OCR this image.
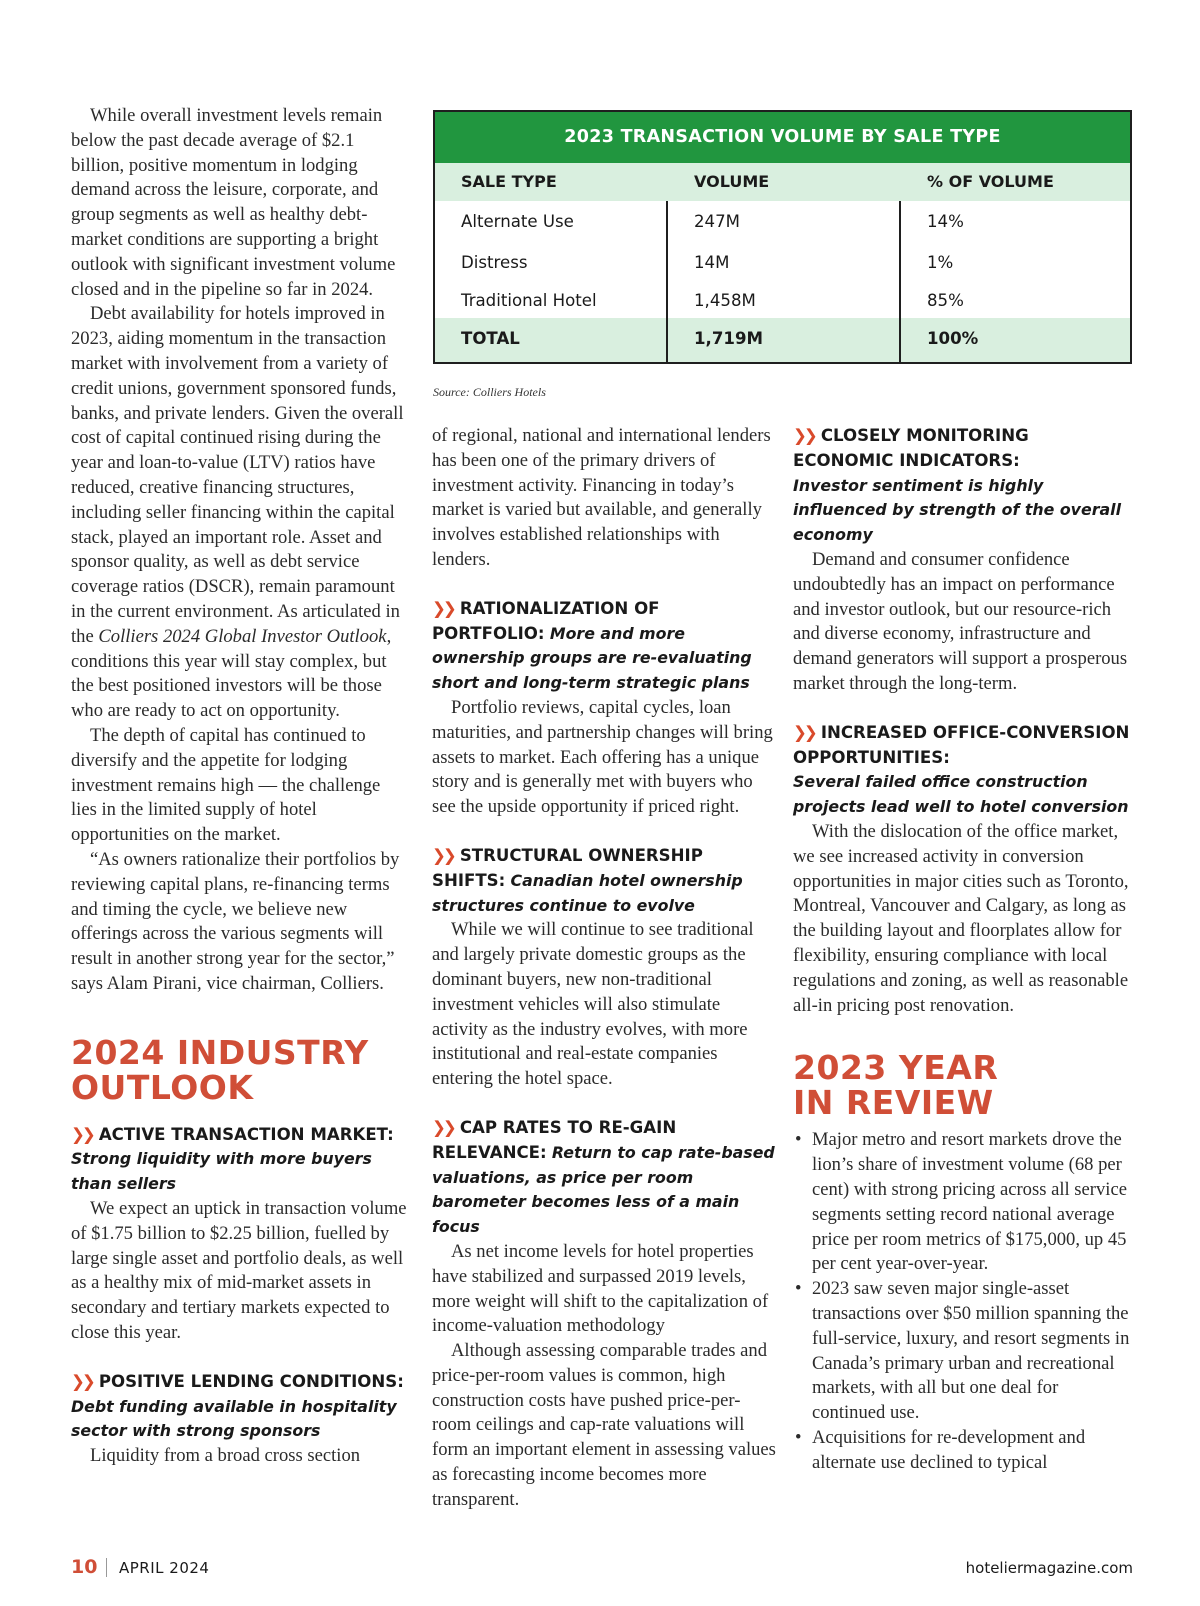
2023 TRANSACTION VOLUME BY SALE TYPE
SALE TYPE	VOLUME	% OF VOLUME
Alternate Use	247M	14%
Distress	14M	1%
Traditional Hotel	1,458M	85%
TOTAL	1,719M	100%
Source: Colliers Hotels

While overall investment levels remain below the past decade average of $2.1 billion, positive momentum in lodging demand across the leisure, corporate, and group segments as well as healthy debt-market conditions are supporting a bright outlook with significant investment volume closed and in the pipeline so far in 2024.

Debt availability for hotels improved in 2023, aiding momentum in the transaction market with involvement from a variety of credit unions, government sponsored funds, banks, and private lenders. Given the overall cost of capital continued rising during the year and loan-to-value (LTV) ratios have reduced, creative financing structures, including seller financing within the capital stack, played an important role. Asset and sponsor quality, as well as debt service coverage ratios (DSCR), remain paramount in the current environment. As articulated in the Colliers 2024 Global Investor Outlook, conditions this year will stay complex, but the best positioned investors will be those who are ready to act on opportunity.

The depth of capital has continued to diversify and the appetite for lodging investment remains high — the challenge lies in the limited supply of hotel opportunities on the market.

“As owners rationalize their portfolios by reviewing capital plans, re-financing terms and timing the cycle, we believe new offerings across the various segments will result in another strong year for the sector,” says Alam Pirani, vice chairman, Colliers.

2024 INDUSTRY
OUTLOOK

❯❯ ACTIVE TRANSACTION MARKET:
Strong liquidity with more buyers than sellers

We expect an uptick in transaction volume of $1.75 billion to $2.25 billion, fuelled by large single asset and portfolio deals, as well as a healthy mix of mid-market assets in secondary and tertiary markets expected to close this year.

❯❯ POSITIVE LENDING CONDITIONS:
Debt funding available in hospitality sector with strong sponsors

Liquidity from a broad cross section

of regional, national and international lenders has been one of the primary drivers of investment activity. Financing in today’s market is varied but available, and generally involves established relationships with lenders.

❯❯ RATIONALIZATION OF PORTFOLIO: More and more ownership groups are re-evaluating short and long-term strategic plans

Portfolio reviews, capital cycles, loan maturities, and partnership changes will bring assets to market. Each offering has a unique story and is generally met with buyers who see the upside opportunity if priced right.

❯❯ STRUCTURAL OWNERSHIP SHIFTS: Canadian hotel ownership structures continue to evolve

While we will continue to see traditional and largely private domestic groups as the dominant buyers, new non-traditional investment vehicles will also stimulate activity as the industry evolves, with more institutional and real-estate companies entering the hotel space.

❯❯ CAP RATES TO RE-GAIN RELEVANCE: Return to cap rate-based valuations, as price per room barometer becomes less of a main focus

As net income levels for hotel properties have stabilized and surpassed 2019 levels, more weight will shift to the capitalization of income-valuation methodology

Although assessing comparable trades and price-per-room values is common, high construction costs have pushed price-per-room ceilings and cap-rate valuations will form an important element in assessing values as forecasting income becomes more transparent.

❯❯ CLOSELY MONITORING ECONOMIC INDICATORS:
Investor sentiment is highly influenced by strength of the overall economy

Demand and consumer confidence undoubtedly has an impact on performance and investor outlook, but our resource-rich and diverse economy, infrastructure and demand generators will support a prosperous market through the long-term.

❯❯ INCREASED OFFICE-CONVERSION OPPORTUNITIES:
Several failed office construction projects lead well to hotel conversion

With the dislocation of the office market, we see increased activity in conversion opportunities in major cities such as Toronto, Montreal, Vancouver and Calgary, as long as the building layout and floorplates allow for flexibility, ensuring compliance with local regulations and zoning, as well as reasonable all-in pricing post renovation.

2023 YEAR
IN REVIEW
• Major metro and resort markets drove the lion’s share of investment volume (68 per cent) with strong pricing across all service segments setting record national average price per room metrics of $175,000, up 45 per cent year-over-year.
• 2023 saw seven major single-asset transactions over $50 million spanning the full-service, luxury, and resort segments in Canada’s primary urban and recreational markets, with all but one deal for continued use.
• Acquisitions for re-development and alternate use declined to typical
10 APRIL 2024	hoteliermagazine.com
